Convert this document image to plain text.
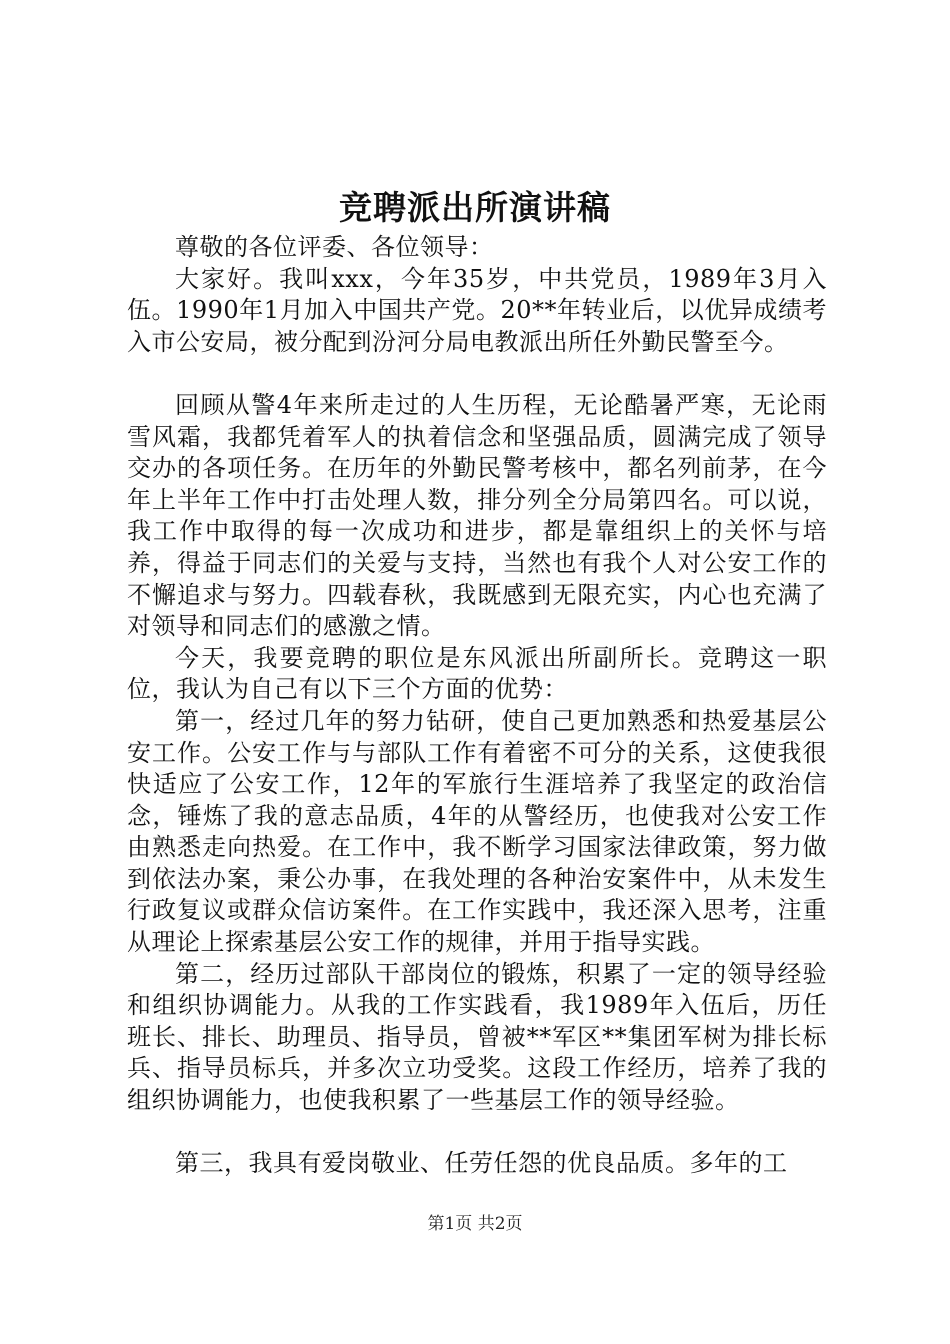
竞聘派出所演讲稿

尊敬的各位评委、各位领导：

大家好。我叫xxx，今年35岁，中共党员，1989年3月入伍。1990年1月加入中国共产党。20**年转业后，以优异成绩考入市公安局，被分配到汾河分局电教派出所任外勤民警至今。

回顾从警4年来所走过的人生历程，无论酷暑严寒，无论雨雪风霜，我都凭着军人的执着信念和坚强品质，圆满完成了领导交办的各项任务。在历年的外勤民警考核中，都名列前茅，在今年上半年工作中打击处理人数，排分列全分局第四名。可以说，我工作中取得的每一次成功和进步，都是靠组织上的关怀与培养，得益于同志们的关爱与支持，当然也有我个人对公安工作的不懈追求与努力。四载春秋，我既感到无限充实，内心也充满了对领导和同志们的感激之情。

今天，我要竞聘的职位是东风派出所副所长。竞聘这一职位，我认为自己有以下三个方面的优势：

第一，经过几年的努力钻研，使自己更加熟悉和热爱基层公安工作。公安工作与与部队工作有着密不可分的关系，这使我很快适应了公安工作，12年的军旅行生涯培养了我坚定的政治信念，锤炼了我的意志品质，4年的从警经历，也使我对公安工作由熟悉走向热爱。在工作中，我不断学习国家法律政策，努力做到依法办案，秉公办事，在我处理的各种治安案件中，从未发生行政复议或群众信访案件。在工作实践中，我还深入思考，注重从理论上探索基层公安工作的规律，并用于指导实践。

第二，经历过部队干部岗位的锻炼，积累了一定的领导经验和组织协调能力。从我的工作实践看，我1989年入伍后，历任班长、排长、助理员、指导员，曾被**军区**集团军树为排长标兵、指导员标兵，并多次立功受奖。这段工作经历，培养了我的组织协调能力，也使我积累了一些基层工作的领导经验。

第三，我具有爱岗敬业、任劳任怨的优良品质。多年的工

第1页 共2页
